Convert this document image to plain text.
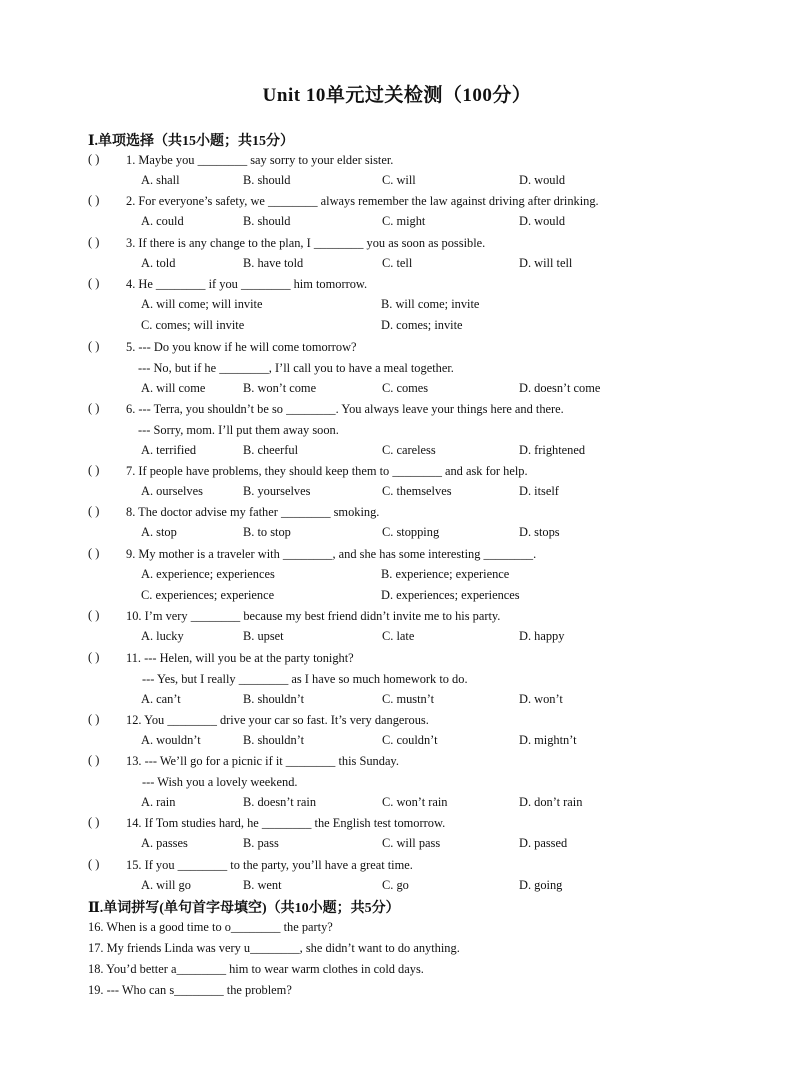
Unit 10单元过关检测（100分）
Ⅰ.单项选择（共15小题；共15分）
( ) 1. Maybe you ________ say sorry to your elder sister.
A. shall	B. should	C. will	D. would
( ) 2. For everyone’s safety, we ________ always remember the law against driving after drinking.
A. could	B. should	C. might	D. would
( ) 3. If there is any change to the plan, I ________ you as soon as possible.
A. told	B. have told	C. tell	D. will tell
( ) 4. He ________ if you ________ him tomorrow.
A. will come; will invite	B. will come; invite
C. comes; will invite	D. comes; invite
( ) 5. --- Do you know if he will come tomorrow?
--- No, but if he ________, I’ll call you to have a meal together.
A. will come	B. won’t come	C. comes	D. doesn’t come
( ) 6. --- Terra, you shouldn’t be so ________. You always leave your things here and there.
--- Sorry, mom. I’ll put them away soon.
A. terrified	B. cheerful	C. careless	D. frightened
( ) 7. If people have problems, they should keep them to ________ and ask for help.
A. ourselves	B. yourselves	C. themselves	D. itself
( ) 8. The doctor advise my father ________ smoking.
A. stop	B. to stop	C. stopping	D. stops
( ) 9. My mother is a traveler with ________, and she has some interesting ________.
A. experience; experiences	B. experience; experience
C. experiences; experience	D. experiences; experiences
( ) 10. I’m very ________ because my best friend didn’t invite me to his party.
A. lucky	B. upset	C. late	D. happy
( ) 11. --- Helen, will you be at the party tonight?
--- Yes, but I really ________ as I have so much homework to do.
A. can’t	B. shouldn’t	C. mustn’t	D. won’t
( ) 12. You ________ drive your car so fast. It’s very dangerous.
A. wouldn’t	B. shouldn’t	C. couldn’t	D. mightn’t
( ) 13. --- We’ll go for a picnic if it ________ this Sunday.
--- Wish you a lovely weekend.
A. rain	B. doesn’t rain	C. won’t rain	D. don’t rain
( ) 14. If Tom studies hard, he ________ the English test tomorrow.
A. passes	B. pass	C. will pass	D. passed
( ) 15. If you ________ to the party, you’ll have a great time.
A. will go	B. went	C. go	D. going
Ⅱ.单词拼写(单句首字母填空)（共10小题；共5分）
16. When is a good time to o________ the party?
17. My friends Linda was very u________, she didn’t want to do anything.
18. You’d better a________ him to wear warm clothes in cold days.
19. --- Who can s________ the problem?
